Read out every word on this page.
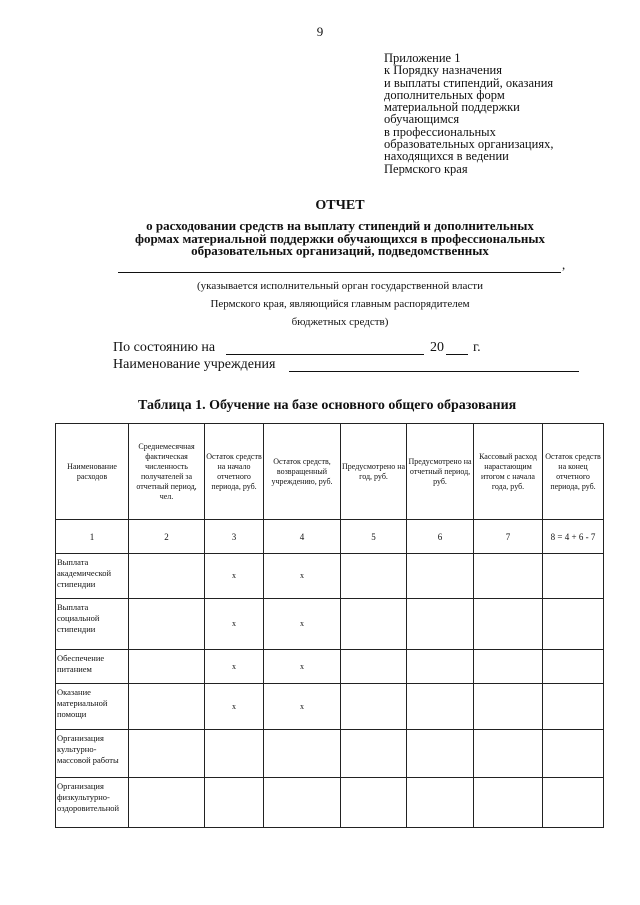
9
Приложение 1
к Порядку назначения
и выплаты стипендий, оказания
дополнительных форм
материальной поддержки
обучающимся
в профессиональных
образовательных организациях,
находящихся в ведении
Пермского края
ОТЧЕТ
о расходовании средств на выплату стипендий и дополнительных
формах материальной поддержки обучающихся в профессиональных
образовательных организаций, подведомственных
,
(указывается исполнительный орган государственной власти
Пермского края, являющийся главным распорядителем
бюджетных средств)
По состоянию на	20 г.
Наименование учреждения
Таблица 1. Обучение на базе основного общего образования
Наименование расходов	Среднемесячная фактическая численность получателей за отчетный период, чел.	Остаток средств на начало отчетного периода, руб.	Остаток средств, возвращенный учреждению, руб.	Предусмотрено на год, руб.	Предусмотрено на отчетный период, руб.	Кассовый расход нарастающим итогом с начала года, руб.	Остаток средств на конец отчетного периода, руб.
1	2	3	4	5	6	7	8 = 4 + 6 - 7
Выплата академической стипендии		x	x				
Выплата социальной стипендии		x	x				
Обеспечение питанием		x	x				
Оказание материальной помощи		x	x				
Организация культурно-массовой работы							
Организация физкультурно-оздоровительной							
